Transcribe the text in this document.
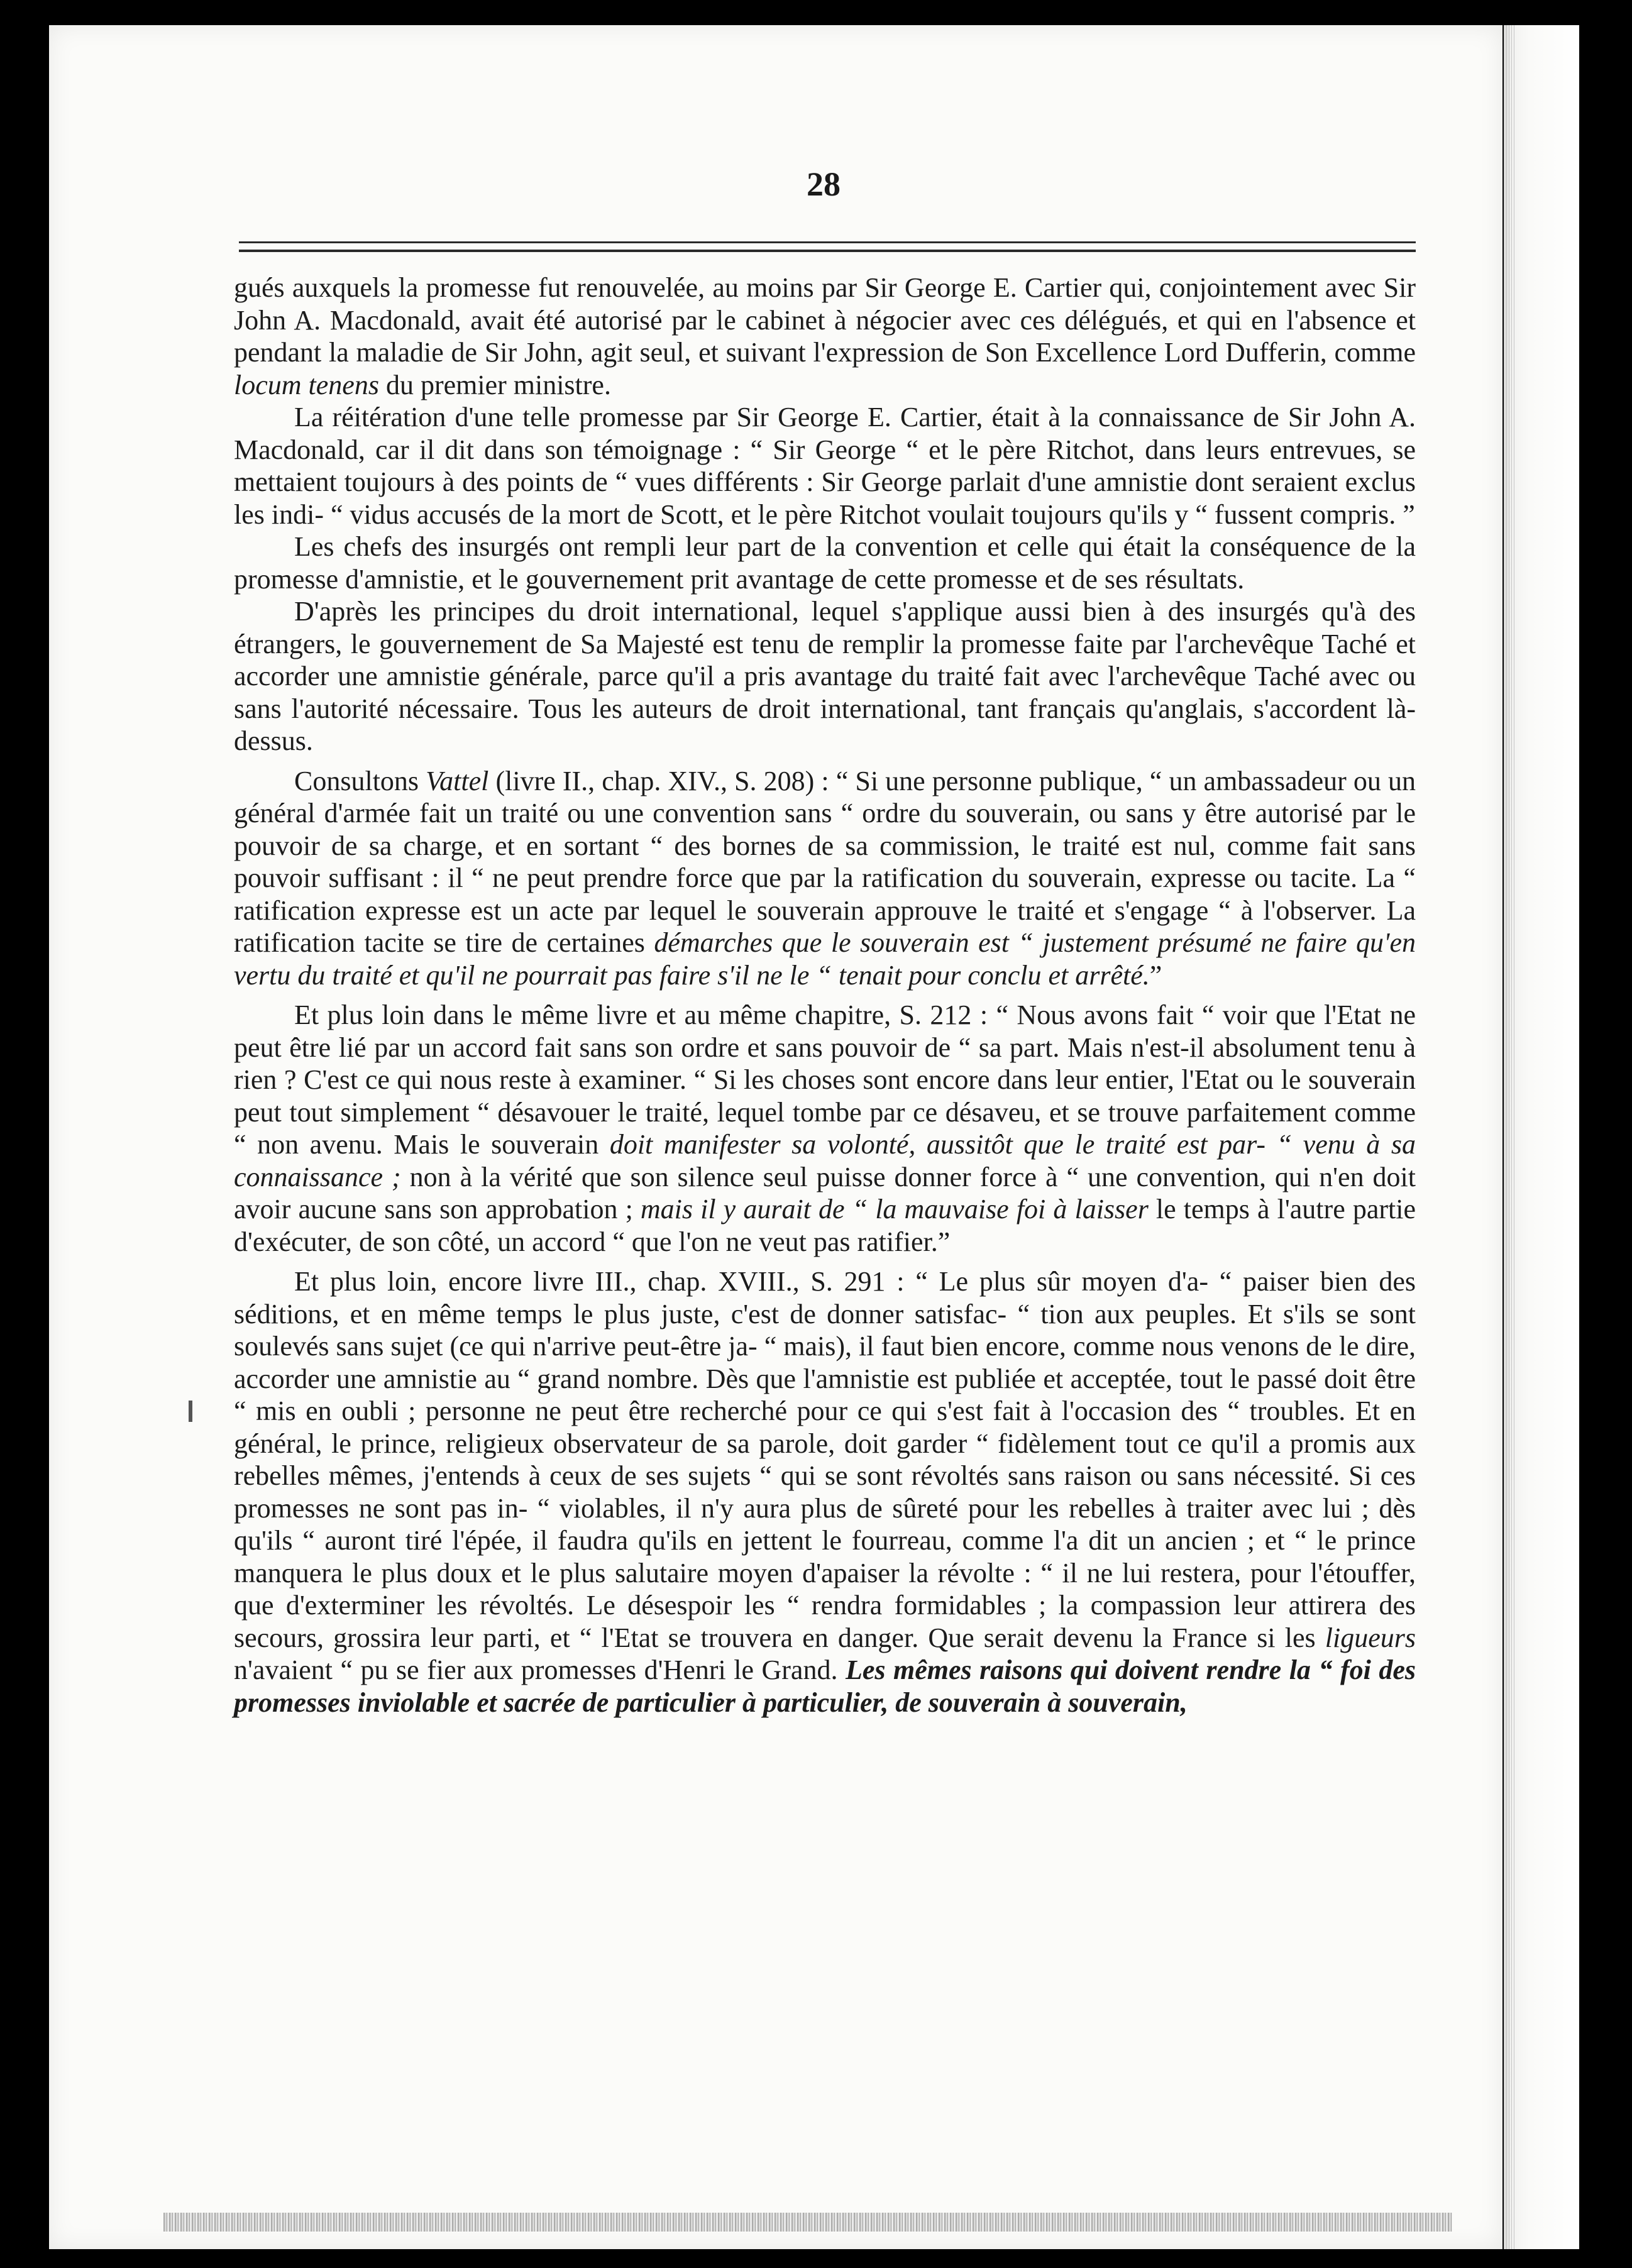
28

gués auxquels la promesse fut renouvelée, au moins par Sir George E. Cartier qui, conjointement avec Sir John A. Macdonald, avait été autorisé par le cabinet à négocier avec ces délégués, et qui en l'absence et pendant la maladie de Sir John, agit seul, et suivant l'expression de Son Excellence Lord Dufferin, comme locum tenens du premier ministre.

La réitération d'une telle promesse par Sir George E. Cartier, était à la connaissance de Sir John A. Macdonald, car il dit dans son témoignage : “ Sir George “ et le père Ritchot, dans leurs entrevues, se mettaient toujours à des points de “ vues différents : Sir George parlait d'une amnistie dont seraient exclus les indi- “ vidus accusés de la mort de Scott, et le père Ritchot voulait toujours qu'ils y “ fussent compris. ”

Les chefs des insurgés ont rempli leur part de la convention et celle qui était la conséquence de la promesse d'amnistie, et le gouvernement prit avantage de cette promesse et de ses résultats.

D'après les principes du droit international, lequel s'applique aussi bien à des insurgés qu'à des étrangers, le gouvernement de Sa Majesté est tenu de remplir la promesse faite par l'archevêque Taché et accorder une amnistie générale, parce qu'il a pris avantage du traité fait avec l'archevêque Taché avec ou sans l'autorité nécessaire. Tous les auteurs de droit international, tant français qu'anglais, s'accordent là-dessus.

Consultons Vattel (livre II., chap. XIV., S. 208) : “ Si une personne publique, “ un ambassadeur ou un général d'armée fait un traité ou une convention sans “ ordre du souverain, ou sans y être autorisé par le pouvoir de sa charge, et en sortant “ des bornes de sa commission, le traité est nul, comme fait sans pouvoir suffisant : il “ ne peut prendre force que par la ratification du souverain, expresse ou tacite. La “ ratification expresse est un acte par lequel le souverain approuve le traité et s'engage “ à l'observer. La ratification tacite se tire de certaines démarches que le souverain est “ justement présumé ne faire qu'en vertu du traité et qu'il ne pourrait pas faire s'il ne le “ tenait pour conclu et arrêté.”

Et plus loin dans le même livre et au même chapitre, S. 212 : “ Nous avons fait “ voir que l'Etat ne peut être lié par un accord fait sans son ordre et sans pouvoir de “ sa part. Mais n'est-il absolument tenu à rien ? C'est ce qui nous reste à examiner. “ Si les choses sont encore dans leur entier, l'Etat ou le souverain peut tout simplement “ désavouer le traité, lequel tombe par ce désaveu, et se trouve parfaitement comme “ non avenu. Mais le souverain doit manifester sa volonté, aussitôt que le traité est par- “ venu à sa connaissance ; non à la vérité que son silence seul puisse donner force à “ une convention, qui n'en doit avoir aucune sans son approbation ; mais il y aurait de “ la mauvaise foi à laisser le temps à l'autre partie d'exécuter, de son côté, un accord “ que l'on ne veut pas ratifier.”

Et plus loin, encore livre III., chap. XVIII., S. 291 : “ Le plus sûr moyen d'a- “ paiser bien des séditions, et en même temps le plus juste, c'est de donner satisfac- “ tion aux peuples. Et s'ils se sont soulevés sans sujet (ce qui n'arrive peut-être ja- “ mais), il faut bien encore, comme nous venons de le dire, accorder une amnistie au “ grand nombre. Dès que l'amnistie est publiée et acceptée, tout le passé doit être “ mis en oubli ; personne ne peut être recherché pour ce qui s'est fait à l'occasion des “ troubles. Et en général, le prince, religieux observateur de sa parole, doit garder “ fidèlement tout ce qu'il a promis aux rebelles mêmes, j'entends à ceux de ses sujets “ qui se sont révoltés sans raison ou sans nécessité. Si ces promesses ne sont pas in- “ violables, il n'y aura plus de sûreté pour les rebelles à traiter avec lui ; dès qu'ils “ auront tiré l'épée, il faudra qu'ils en jettent le fourreau, comme l'a dit un ancien ; et “ le prince manquera le plus doux et le plus salutaire moyen d'apaiser la révolte : “ il ne lui restera, pour l'étouffer, que d'exterminer les révoltés. Le désespoir les “ rendra formidables ; la compassion leur attirera des secours, grossira leur parti, et “ l'Etat se trouvera en danger. Que serait devenu la France si les ligueurs n'avaient “ pu se fier aux promesses d'Henri le Grand. Les mêmes raisons qui doivent rendre la “ foi des promesses inviolable et sacrée de particulier à particulier, de souverain à souverain,
